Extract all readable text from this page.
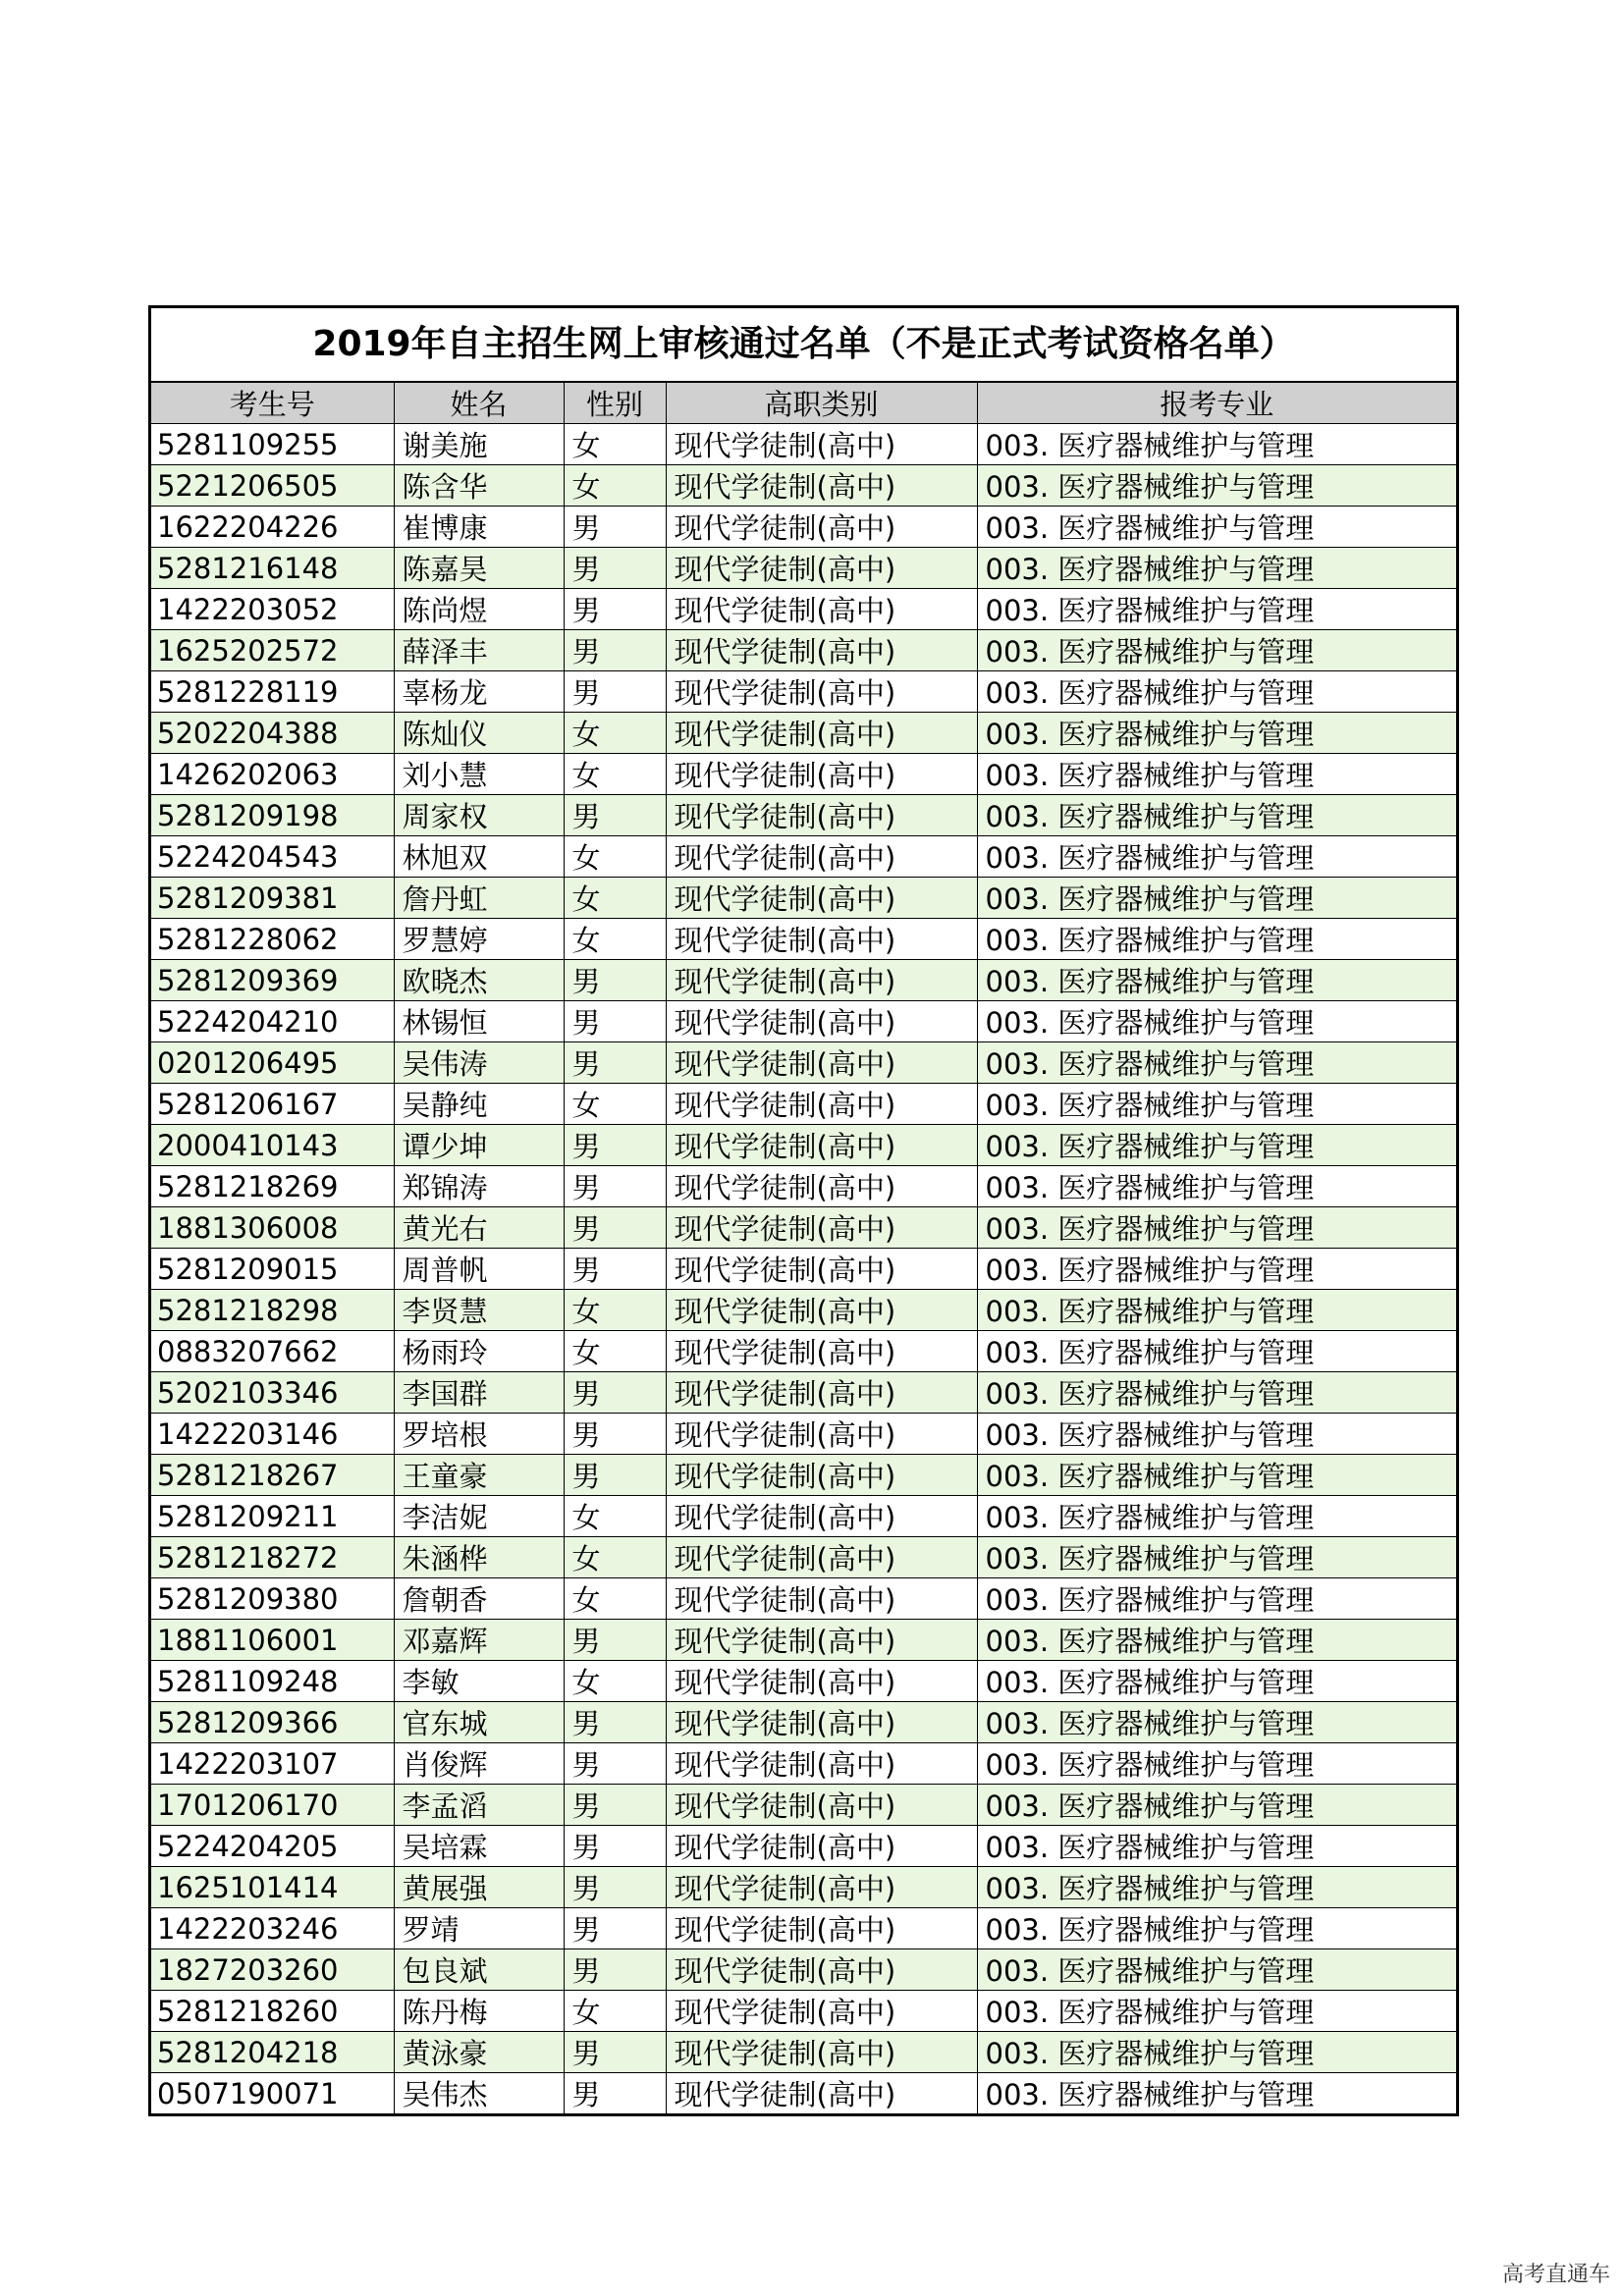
2019年自主招生网上审核通过名单（不是正式考试资格名单）
考生号	姓名	性别	高职类别	报考专业
5281109255	谢美施	女	现代学徒制(高中)	003. 医疗器械维护与管理
5221206505	陈含华	女	现代学徒制(高中)	003. 医疗器械维护与管理
1622204226	崔博康	男	现代学徒制(高中)	003. 医疗器械维护与管理
5281216148	陈嘉昊	男	现代学徒制(高中)	003. 医疗器械维护与管理
1422203052	陈尚煜	男	现代学徒制(高中)	003. 医疗器械维护与管理
1625202572	薛泽丰	男	现代学徒制(高中)	003. 医疗器械维护与管理
5281228119	辜杨龙	男	现代学徒制(高中)	003. 医疗器械维护与管理
5202204388	陈灿仪	女	现代学徒制(高中)	003. 医疗器械维护与管理
1426202063	刘小慧	女	现代学徒制(高中)	003. 医疗器械维护与管理
5281209198	周家权	男	现代学徒制(高中)	003. 医疗器械维护与管理
5224204543	林旭双	女	现代学徒制(高中)	003. 医疗器械维护与管理
5281209381	詹丹虹	女	现代学徒制(高中)	003. 医疗器械维护与管理
5281228062	罗慧婷	女	现代学徒制(高中)	003. 医疗器械维护与管理
5281209369	欧晓杰	男	现代学徒制(高中)	003. 医疗器械维护与管理
5224204210	林锡恒	男	现代学徒制(高中)	003. 医疗器械维护与管理
0201206495	吴伟涛	男	现代学徒制(高中)	003. 医疗器械维护与管理
5281206167	吴静纯	女	现代学徒制(高中)	003. 医疗器械维护与管理
2000410143	谭少坤	男	现代学徒制(高中)	003. 医疗器械维护与管理
5281218269	郑锦涛	男	现代学徒制(高中)	003. 医疗器械维护与管理
1881306008	黄光右	男	现代学徒制(高中)	003. 医疗器械维护与管理
5281209015	周普帆	男	现代学徒制(高中)	003. 医疗器械维护与管理
5281218298	李贤慧	女	现代学徒制(高中)	003. 医疗器械维护与管理
0883207662	杨雨玲	女	现代学徒制(高中)	003. 医疗器械维护与管理
5202103346	李国群	男	现代学徒制(高中)	003. 医疗器械维护与管理
1422203146	罗培根	男	现代学徒制(高中)	003. 医疗器械维护与管理
5281218267	王童豪	男	现代学徒制(高中)	003. 医疗器械维护与管理
5281209211	李洁妮	女	现代学徒制(高中)	003. 医疗器械维护与管理
5281218272	朱涵桦	女	现代学徒制(高中)	003. 医疗器械维护与管理
5281209380	詹朝香	女	现代学徒制(高中)	003. 医疗器械维护与管理
1881106001	邓嘉辉	男	现代学徒制(高中)	003. 医疗器械维护与管理
5281109248	李敏	女	现代学徒制(高中)	003. 医疗器械维护与管理
5281209366	官东城	男	现代学徒制(高中)	003. 医疗器械维护与管理
1422203107	肖俊辉	男	现代学徒制(高中)	003. 医疗器械维护与管理
1701206170	李孟滔	男	现代学徒制(高中)	003. 医疗器械维护与管理
5224204205	吴培霖	男	现代学徒制(高中)	003. 医疗器械维护与管理
1625101414	黄展强	男	现代学徒制(高中)	003. 医疗器械维护与管理
1422203246	罗靖	男	现代学徒制(高中)	003. 医疗器械维护与管理
1827203260	包良斌	男	现代学徒制(高中)	003. 医疗器械维护与管理
5281218260	陈丹梅	女	现代学徒制(高中)	003. 医疗器械维护与管理
5281204218	黄泳豪	男	现代学徒制(高中)	003. 医疗器械维护与管理
0507190071	吴伟杰	男	现代学徒制(高中)	003. 医疗器械维护与管理
高考直通车
